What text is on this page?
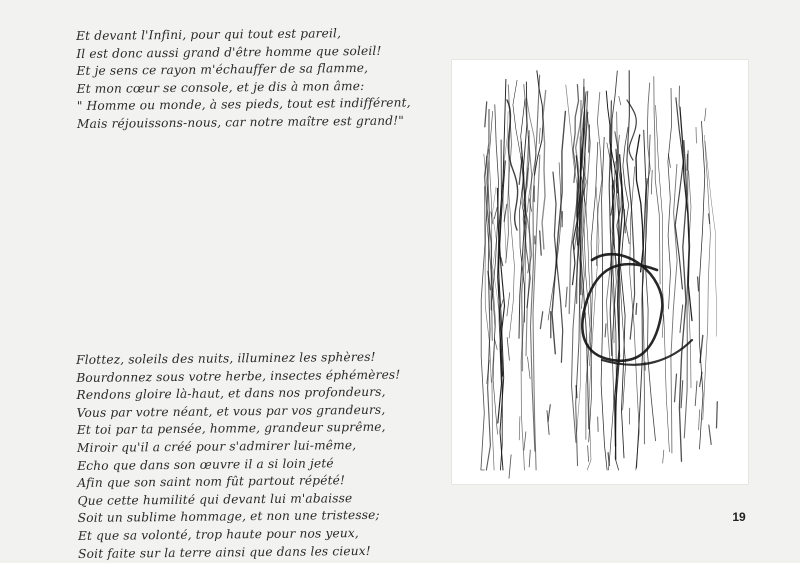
Et devant l'Infini, pour qui tout est pareil,
Il est donc aussi grand d'être homme que soleil!
Et je sens ce rayon m'échauffer de sa flamme,
Et mon cœur se console, et je dis à mon âme:
" Homme ou monde, à ses pieds, tout est indifférent,
Mais réjouissons-nous, car notre maître est grand!"
Flottez, soleils des nuits, illuminez les sphères!
Bourdonnez sous votre herbe, insectes éphémères!
Rendons gloire là-haut, et dans nos profondeurs,
Vous par votre néant, et vous par vos grandeurs,
Et toi par ta pensée, homme, grandeur suprême,
Miroir qu'il a créé pour s'admirer lui-même,
Echo que dans son œuvre il a si loin jeté
Afin que son saint nom fût partout répété!
Que cette humilité qui devant lui m'abaisse
Soit un sublime hommage, et non une tristesse;
Et que sa volonté, trop haute pour nos yeux,
Soit faite sur la terre ainsi que dans les cieux!
19
